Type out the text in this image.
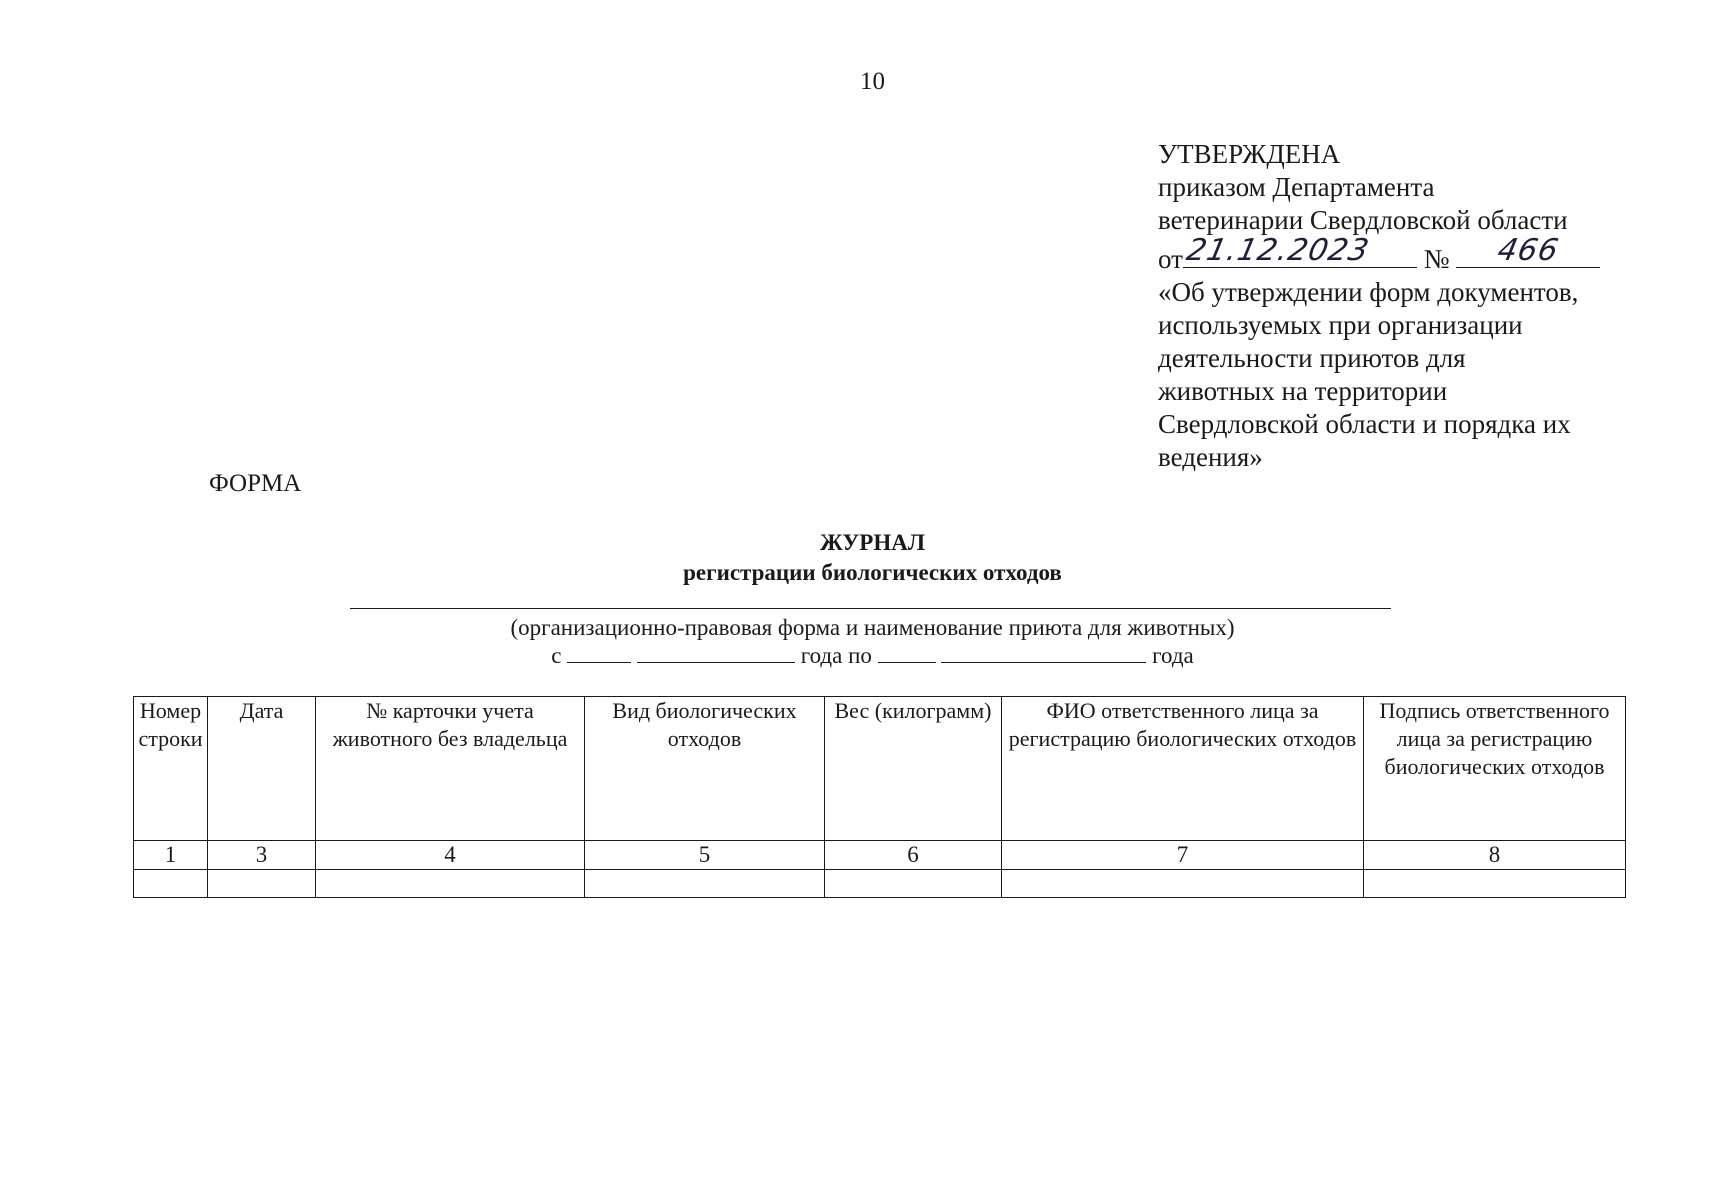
10
УТВЕРЖДЕНА
приказом Департамента
ветеринарии Свердловской области
от 21.12.2023	№ 466
«Об утверждении форм документов,
используемых при организации
деятельности приютов для
животных на территории
Свердловской области и порядка их
ведения»
ФОРМА
ЖУРНАЛ
регистрации биологических отходов
(организационно-правовая форма и наименование приюта для животных)
с	года по	года
Номер строки	Дата	№ карточки учета животного без владельца	Вид биологических отходов	Вес (килограмм)	ФИО ответственного лица за регистрацию биологических отходов	Подпись ответственного лица за регистрацию биологических отходов
1	3	4	5	6	7	8
